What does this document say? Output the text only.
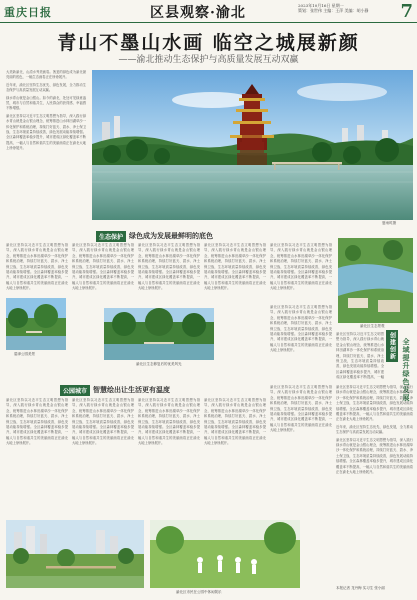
重庆日报	区县观察·渝北	2023年10月16日 星期一
策划：张世伟 主编：王萍 美编：胡小静	7
青山不墨山水画 临空之城展新颜
——渝北推动生态保护与高质量发展互动双赢

大美新渝北，山清水秀美画卷。葱茏的绿色成为渝北最亮丽的底色，一幅生态画卷正在徐徐展开。

近年来，渝北区坚持生态优先、绿色发展，全力推动生态保护与高质量发展互动双赢。

绿水青山就是金山银山。如今的渝北，处处可见绿意盎然，城市与自然和谐共生，人民群众的获得感、幸福感不断增强。

渝北区坚持以习近平生态文明思想为指导，深入践行绿水青山就是金山银山理念，统筹推进山水林田湖草沙一体化保护和系统治理，持续打好蓝天、碧水、净土保卫战，生态环境质量持续改善，绿色发展动能持续增强。全区森林覆盖率稳步提升，城市建成区绿化覆盖率不断提高，一幅人与自然和谐共生的美丽画卷正在渝北大地上徐徐展开。

夏雨时摄
生态保护 绿色成为发展最鲜明的底色
渝北区坚持以习近平生态文明思想为指导，深入践行绿水青山就是金山银山理念，统筹推进山水林田湖草沙一体化保护和系统治理，持续打好蓝天、碧水、净土保卫战，生态环境质量持续改善，绿色发展动能持续增强。全区森林覆盖率稳步提升，城市建成区绿化覆盖率不断提高，一幅人与自然和谐共生的美丽画卷正在渝北大地上徐徐展开。
渝北区坚持以习近平生态文明思想为指导，深入践行绿水青山就是金山银山理念，统筹推进山水林田湖草沙一体化保护和系统治理，持续打好蓝天、碧水、净土保卫战，生态环境质量持续改善，绿色发展动能持续增强。全区森林覆盖率稳步提升，城市建成区绿化覆盖率不断提高，一幅人与自然和谐共生的美丽画卷正在渝北大地上徐徐展开。
渝北区坚持以习近平生态文明思想为指导，深入践行绿水青山就是金山银山理念，统筹推进山水林田湖草沙一体化保护和系统治理，持续打好蓝天、碧水、净土保卫战，生态环境质量持续改善，绿色发展动能持续增强。全区森林覆盖率稳步提升，城市建成区绿化覆盖率不断提高，一幅人与自然和谐共生的美丽画卷正在渝北大地上徐徐展开。
渝北区坚持以习近平生态文明思想为指导，深入践行绿水青山就是金山银山理念，统筹推进山水林田湖草沙一体化保护和系统治理，持续打好蓝天、碧水、净土保卫战，生态环境质量持续改善，绿色发展动能持续增强。全区森林覆盖率稳步提升，城市建成区绿化覆盖率不断提高，一幅人与自然和谐共生的美丽画卷正在渝北大地上徐徐展开。
渝北区坚持以习近平生态文明思想为指导，深入践行绿水青山就是金山银山理念，统筹推进山水林田湖草沙一体化保护和系统治理，持续打好蓝天、碧水、净土保卫战，生态环境质量持续改善，绿色发展动能持续增强。全区森林覆盖率稳步提升，城市建成区绿化覆盖率不断提高，一幅人与自然和谐共生的美丽画卷正在渝北大地上徐徐展开。
渝北区坚持以习近平生态文明思想为指导，深入践行绿水青山就是金山银山理念，统筹推进山水林田湖草沙一体化保护和系统治理，持续打好蓝天、碧水、净土保卫战，生态环境质量持续改善，绿色发展动能持续增强。全区森林覆盖率稳步提升，城市建成区绿化覆盖率不断提高，一幅人与自然和谐共生的美丽画卷正在渝北大地上徐徐展开。
碧津公园美景
渝北区生态修复后的优美风光
公园城市 智慧绘出让生活更有温度
渝北区坚持以习近平生态文明思想为指导，深入践行绿水青山就是金山银山理念，统筹推进山水林田湖草沙一体化保护和系统治理，持续打好蓝天、碧水、净土保卫战，生态环境质量持续改善，绿色发展动能持续增强。全区森林覆盖率稳步提升，城市建成区绿化覆盖率不断提高，一幅人与自然和谐共生的美丽画卷正在渝北大地上徐徐展开。
渝北区坚持以习近平生态文明思想为指导，深入践行绿水青山就是金山银山理念，统筹推进山水林田湖草沙一体化保护和系统治理，持续打好蓝天、碧水、净土保卫战，生态环境质量持续改善，绿色发展动能持续增强。全区森林覆盖率稳步提升，城市建成区绿化覆盖率不断提高，一幅人与自然和谐共生的美丽画卷正在渝北大地上徐徐展开。
渝北区坚持以习近平生态文明思想为指导，深入践行绿水青山就是金山银山理念，统筹推进山水林田湖草沙一体化保护和系统治理，持续打好蓝天、碧水、净土保卫战，生态环境质量持续改善，绿色发展动能持续增强。全区森林覆盖率稳步提升，城市建成区绿化覆盖率不断提高，一幅人与自然和谐共生的美丽画卷正在渝北大地上徐徐展开。
渝北区坚持以习近平生态文明思想为指导，深入践行绿水青山就是金山银山理念，统筹推进山水林田湖草沙一体化保护和系统治理，持续打好蓝天、碧水、净土保卫战，生态环境质量持续改善，绿色发展动能持续增强。全区森林覆盖率稳步提升，城市建成区绿化覆盖率不断提高，一幅人与自然和谐共生的美丽画卷正在渝北大地上徐徐展开。
渝北区坚持以习近平生态文明思想为指导，深入践行绿水青山就是金山银山理念，统筹推进山水林田湖草沙一体化保护和系统治理，持续打好蓝天、碧水、净土保卫战，生态环境质量持续改善，绿色发展动能持续增强。全区森林覆盖率稳步提升，城市建成区绿化覆盖率不断提高，一幅人与自然和谐共生的美丽画卷正在渝北大地上徐徐展开。
渝北区市民在公园中休闲娱乐
渝北区生态景观
渝北区坚持以习近平生态文明思想为指导，深入践行绿水青山就是金山银山理念，统筹推进山水林田湖草沙一体化保护和系统治理，持续打好蓝天、碧水、净土保卫战，生态环境质量持续改善，绿色发展动能持续增强。全区森林覆盖率稳步提升，城市建成区绿化覆盖率不断提高，一幅
创建创新 全域提升绿色发展

渝北区坚持以习近平生态文明思想为指导，深入践行绿水青山就是金山银山理念，统筹推进山水林田湖草沙一体化保护和系统治理，持续打好蓝天、碧水、净土保卫战，生态环境质量持续改善，绿色发展动能持续增强。全区森林覆盖率稳步提升，城市建成区绿化覆盖率不断提高，一幅人与自然和谐共生的美丽画卷正在渝北大地上徐徐展开。

近年来，渝北区坚持生态优先、绿色发展，全力推动生态保护与高质量发展互动双赢。

渝北区坚持以习近平生态文明思想为指导，深入践行绿水青山就是金山银山理念，统筹推进山水林田湖草沙一体化保护和系统治理，持续打好蓝天、碧水、净土保卫战，生态环境质量持续改善，绿色发展动能持续增强。全区森林覆盖率稳步提升，城市建成区绿化覆盖率不断提高，一幅人与自然和谐共生的美丽画卷正在渝北大地上徐徐展开。

本报记者 龙丹梅 实习生 张小丽
